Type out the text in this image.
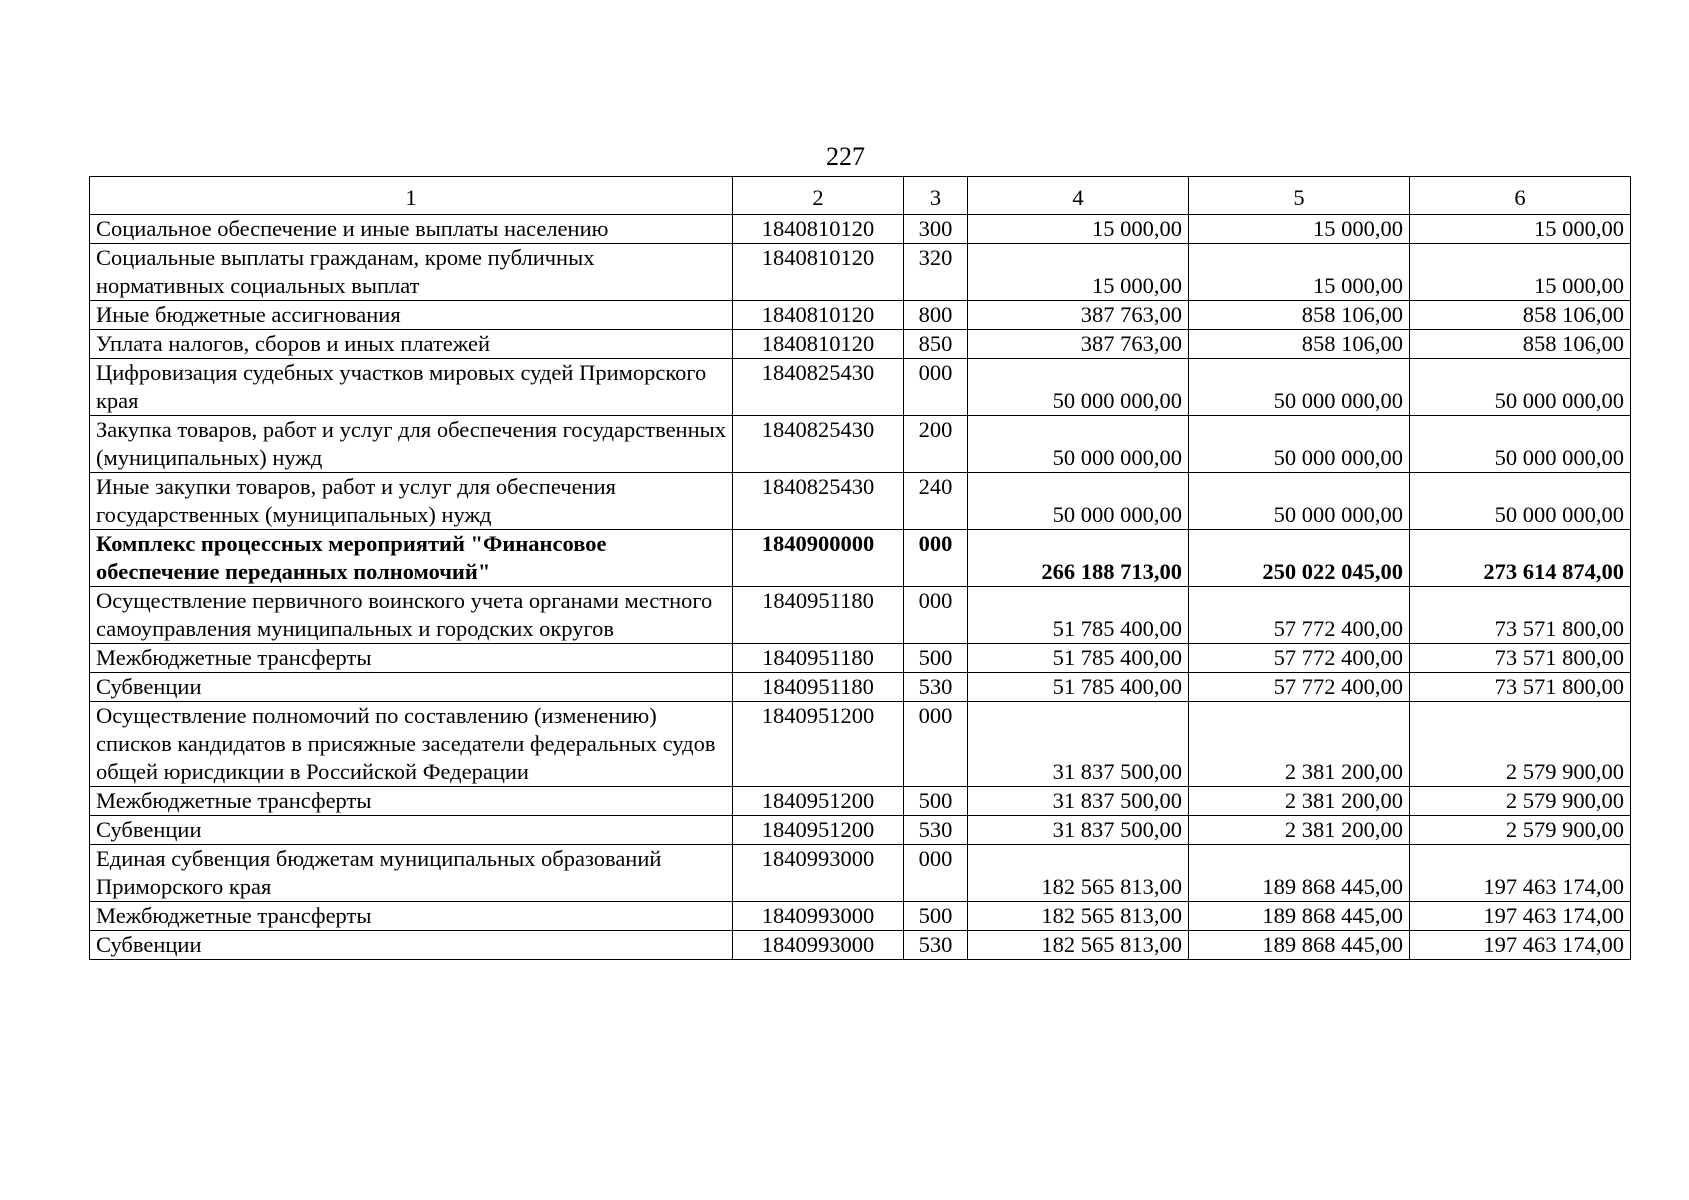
227
1	2	3	4	5	6
Социальное обеспечение и иные выплаты населению	1840810120	300	15 000,00	15 000,00	15 000,00
Социальные выплаты гражданам, кроме публичных нормативных социальных выплат	1840810120	320	15 000,00	15 000,00	15 000,00
Иные бюджетные ассигнования	1840810120	800	387 763,00	858 106,00	858 106,00
Уплата налогов, сборов и иных платежей	1840810120	850	387 763,00	858 106,00	858 106,00
Цифровизация судебных участков мировых судей Приморского края	1840825430	000	50 000 000,00	50 000 000,00	50 000 000,00
Закупка товаров, работ и услуг для обеспечения государственных (муниципальных) нужд	1840825430	200	50 000 000,00	50 000 000,00	50 000 000,00
Иные закупки товаров, работ и услуг для обеспечения государственных (муниципальных) нужд	1840825430	240	50 000 000,00	50 000 000,00	50 000 000,00
Комплекс процессных мероприятий "Финансовое обеспечение переданных полномочий"	1840900000	000	266 188 713,00	250 022 045,00	273 614 874,00
Осуществление первичного воинского учета органами местного самоуправления муниципальных и городских округов	1840951180	000	51 785 400,00	57 772 400,00	73 571 800,00
Межбюджетные трансферты	1840951180	500	51 785 400,00	57 772 400,00	73 571 800,00
Субвенции	1840951180	530	51 785 400,00	57 772 400,00	73 571 800,00
Осуществление полномочий по составлению (изменению) списков кандидатов в присяжные заседатели федеральных судов общей юрисдикции в Российской Федерации	1840951200	000	31 837 500,00	2 381 200,00	2 579 900,00
Межбюджетные трансферты	1840951200	500	31 837 500,00	2 381 200,00	2 579 900,00
Субвенции	1840951200	530	31 837 500,00	2 381 200,00	2 579 900,00
Единая субвенция бюджетам муниципальных образований Приморского края	1840993000	000	182 565 813,00	189 868 445,00	197 463 174,00
Межбюджетные трансферты	1840993000	500	182 565 813,00	189 868 445,00	197 463 174,00
Субвенции	1840993000	530	182 565 813,00	189 868 445,00	197 463 174,00
